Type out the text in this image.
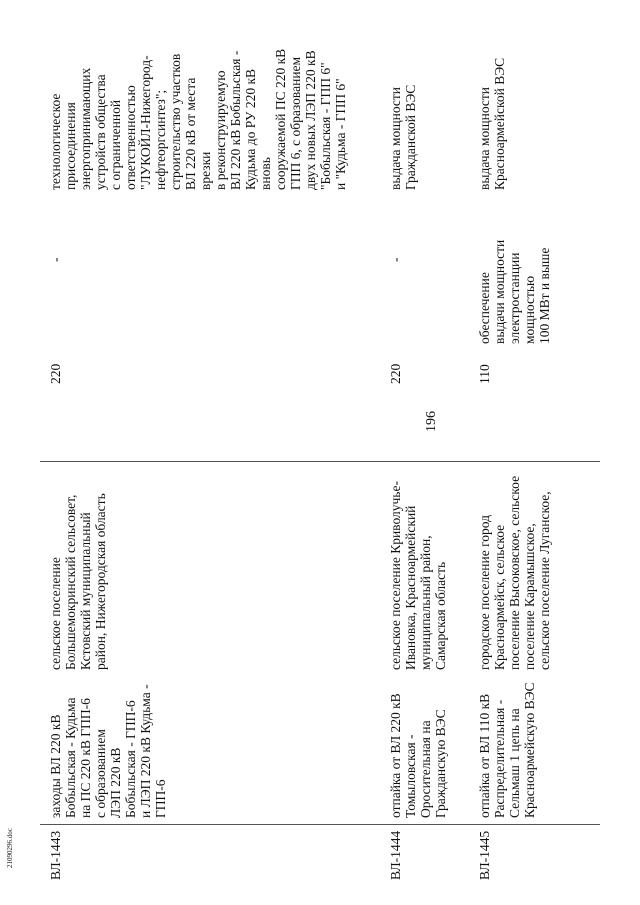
196
ВЛ-1443
заходы ВЛ 220 кВ
Бобыльская - Кудьма
на ПС 220 кВ ГПП-6
с образованием
ЛЭП 220 кВ
Бобыльская - ГПП-6
и ЛЭП 220 кВ Кудьма -
ГПП-6
сельское поселение
Большемокринский сельсовет,
Кстовский муниципальный
район, Нижегородская область
220
-
технологическое
присоединения
энергопринимающих
устройств общества
с ограниченной
ответственностью
"ЛУКОЙЛ-Нижегород-
нефтеоргсинтез";
строительство участков
ВЛ 220 кВ от места врезки
в реконструируемую
ВЛ 220 кВ Бобыльская -
Кудьма до РУ 220 кВ вновь
сооружаемой ПС 220 кВ
ГПП 6, с образованием
двух новых ЛЭП 220 кВ
"Бобыльская - ГПП 6"
и "Кудьма - ГПП 6"
ВЛ-1444
отпайка от ВЛ 220 кВ
Томыловская -
Оросительная на
Гражданскую ВЭС
сельское поселение Криволучье-
Ивановка, Красноармейский
муниципальный район,
Самарская область
220
-
выдача мощности
Гражданской ВЭС
ВЛ-1445
отпайка от ВЛ 110 кВ
Распределительная -
Сельмаш 1 цепь на
Красноармейскую ВЭС
городское поселение город
Красноармейск, сельское
поселение Высоковское, сельское
поселение Карамышское,
сельское поселение Луганское,
110
обеспечение
выдачи мощности
электростанции
мощностью
100 МВт и выше
выдача мощности
Красноармейской ВЭС
21090296.doc
